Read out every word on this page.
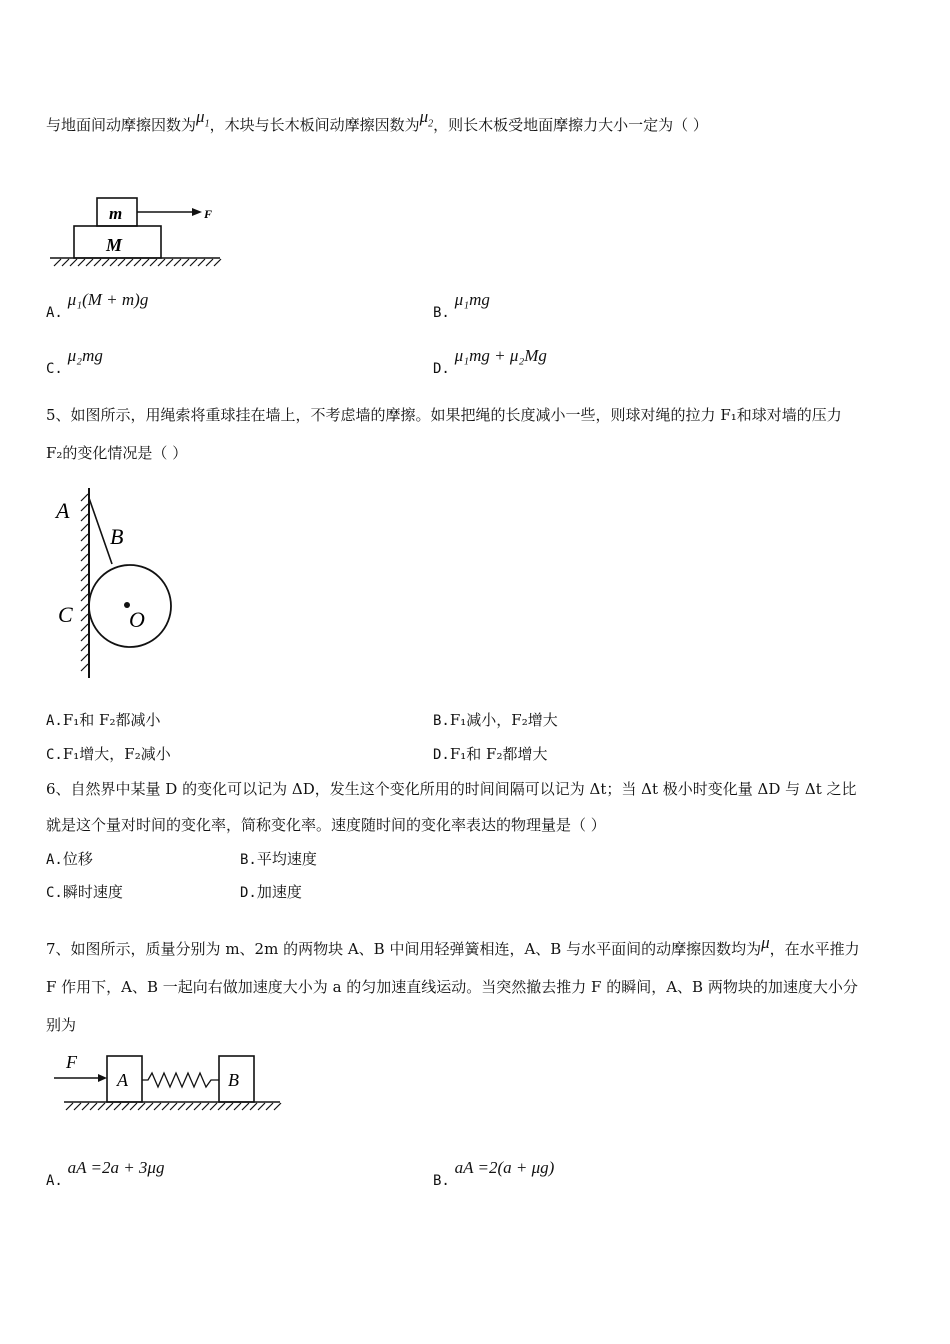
与地面间动摩擦因数为$\mu_1$，木块与长木板间动摩擦因数为$\mu_2$，则长木板受地面摩擦力大小一定为（ ）
m
M
F
A. μ₁(M + m)g
B. μ₁mg
C. μ₂mg
D. μ₁mg + μ₂Mg
5、如图所示，用绳索将重球挂在墙上，不考虑墙的摩擦。如果把绳的长度减小一些，则球对绳的拉力 F₁和球对墙的压力
F₂的变化情况是（ ）
A
B
C	O
A.F₁和 F₂都减小	B.F₁减小，F₂增大
C.F₁增大，F₂减小	D.F₁和 F₂都增大
6、自然界中某量 D 的变化可以记为 ΔD，发生这个变化所用的时间间隔可以记为 Δt；当 Δt 极小时变化量 ΔD 与 Δt 之比
就是这个量对时间的变化率，简称变化率。速度随时间的变化率表达的物理量是（ ）
A.位移	B.平均速度
C.瞬时速度	D.加速度
7、如图所示，质量分别为 m、2m 的两物块 A、B 中间用轻弹簧相连，A、B 与水平面间的动摩擦因数均为μ，在水平推力
F 作用下，A、B 一起向右做加速度大小为 a 的匀加速直线运动。当突然撤去推力 F 的瞬间，A、B 两物块的加速度大小分
别为
F
A	B
A. aA =2a + 3μg
B. aA =2(a + μg)
